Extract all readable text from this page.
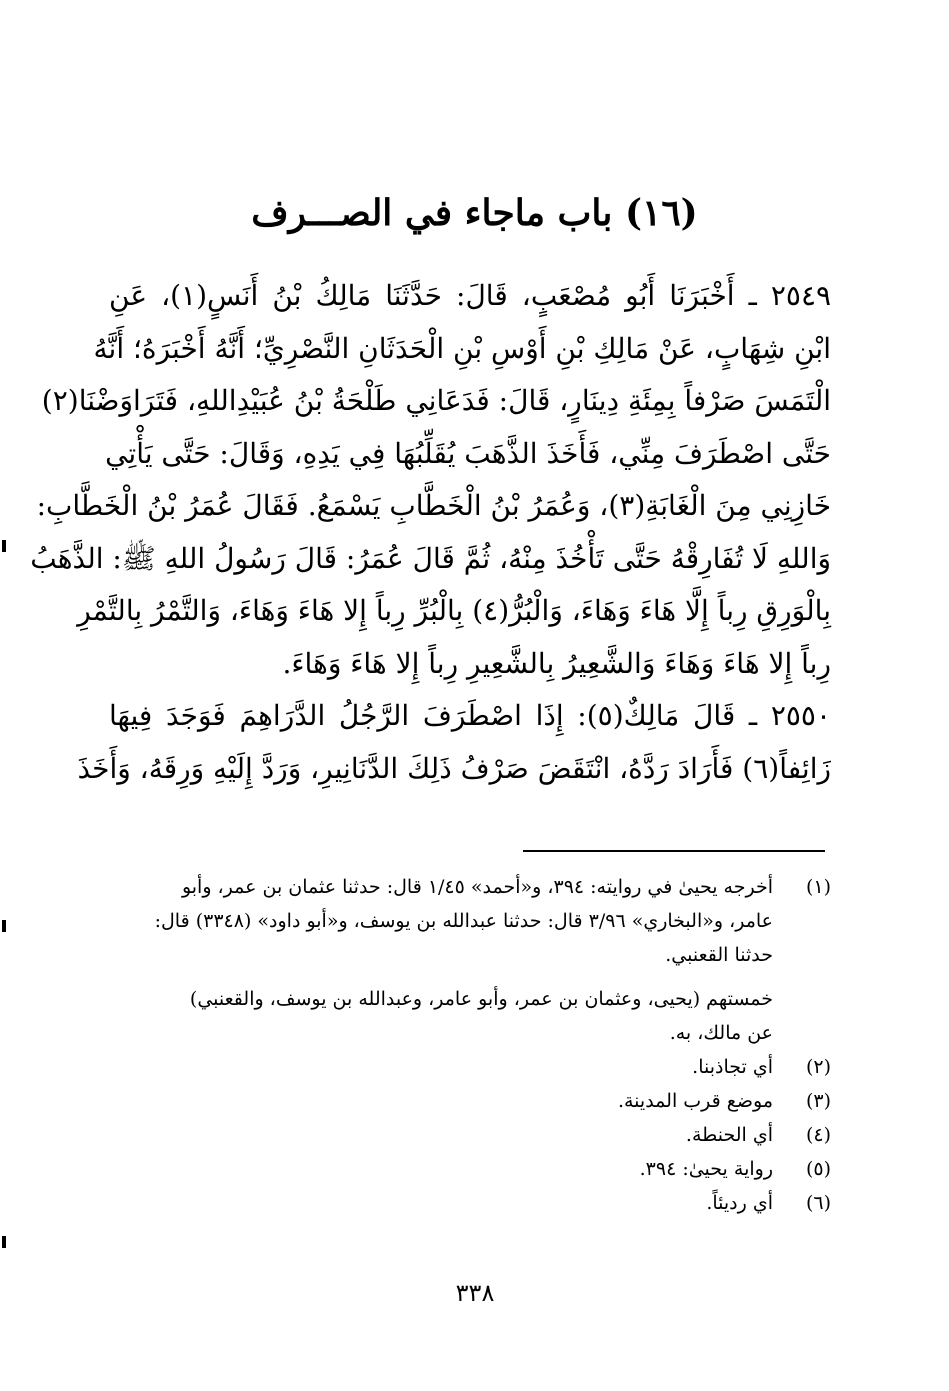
(١٦) باب ماجاء في الصـــرف
٢٥٤٩ ـ أَخْبَرَنَا أَبُو مُصْعَبٍ، قَالَ: حَدَّثَنَا مَالِكُ بْنُ أَنَسٍ(١)، عَنِ
ابْنِ شِهَابٍ، عَنْ مَالِكِ بْنِ أَوْسِ بْنِ الْحَدَثَانِ النَّصْرِيِّ؛ أَنَّهُ أَخْبَرَهُ؛ أَنَّهُ
الْتَمَسَ صَرْفاً بِمِئَةِ دِينَارٍ، قَالَ: فَدَعَانِي طَلْحَةُ بْنُ عُبَيْدِاللهِ، فَتَرَاوَضْنَا(٢)
حَتَّى اصْطَرَفَ مِنِّي، فَأَخَذَ الذَّهَبَ يُقَلِّبُهَا فِي يَدِهِ، وَقَالَ: حَتَّى يَأْتِي
خَازِنِي مِنَ الْغَابَةِ(٣)، وَعُمَرُ بْنُ الْخَطَّابِ يَسْمَعُ. فَقَالَ عُمَرُ بْنُ الْخَطَّابِ:
وَاللهِ لَا تُفَارِقْهُ حَتَّى تَأْخُذَ مِنْهُ، ثُمَّ قَالَ عُمَرُ: قَالَ رَسُولُ اللهِ ﷺ: الذَّهَبُ
بِالْوَرِقِ رِباً إِلَّا هَاءَ وَهَاءَ، وَالْبُرُّ(٤) بِالْبُرِّ رِباً إِلا هَاءَ وَهَاءَ، وَالتَّمْرُ بِالتَّمْرِ
رِباً إِلا هَاءَ وَهَاءَ وَالشَّعِيرُ بِالشَّعِيرِ رِباً إِلا هَاءَ وَهَاءَ.
٢٥٥٠ ـ قَالَ مَالِكٌ(٥): إِذَا اصْطَرَفَ الرَّجُلُ الدَّرَاهِمَ فَوَجَدَ فِيهَا
زَائِفاً(٦) فَأَرَادَ رَدَّهُ، انْتَقَضَ صَرْفُ ذَلِكَ الدَّنَانِيرِ، وَرَدَّ إِلَيْهِ وَرِقَهُ، وَأَخَذَ
(١)
أخرجه يحيىٰ في روايته: ٣٩٤، و«أحمد» ١/٤٥ قال: حدثنا عثمان بن عمر، وأبو
عامر، و«البخاري» ٣/٩٦ قال: حدثنا عبدالله بن يوسف، و«أبو داود» (٣٣٤٨) قال:
حدثنا القعنبي.
خمستهم (يحيى، وعثمان بن عمر، وأبو عامر، وعبدالله بن يوسف، والقعنبي)
عن مالك، به.
(٢)
أي تجاذبنا.
(٣)
موضع قرب المدينة.
(٤)
أي الحنطة.
(٥)
رواية يحيىٰ: ٣٩٤.
(٦)
أي رديئاً.
٣٣٨
